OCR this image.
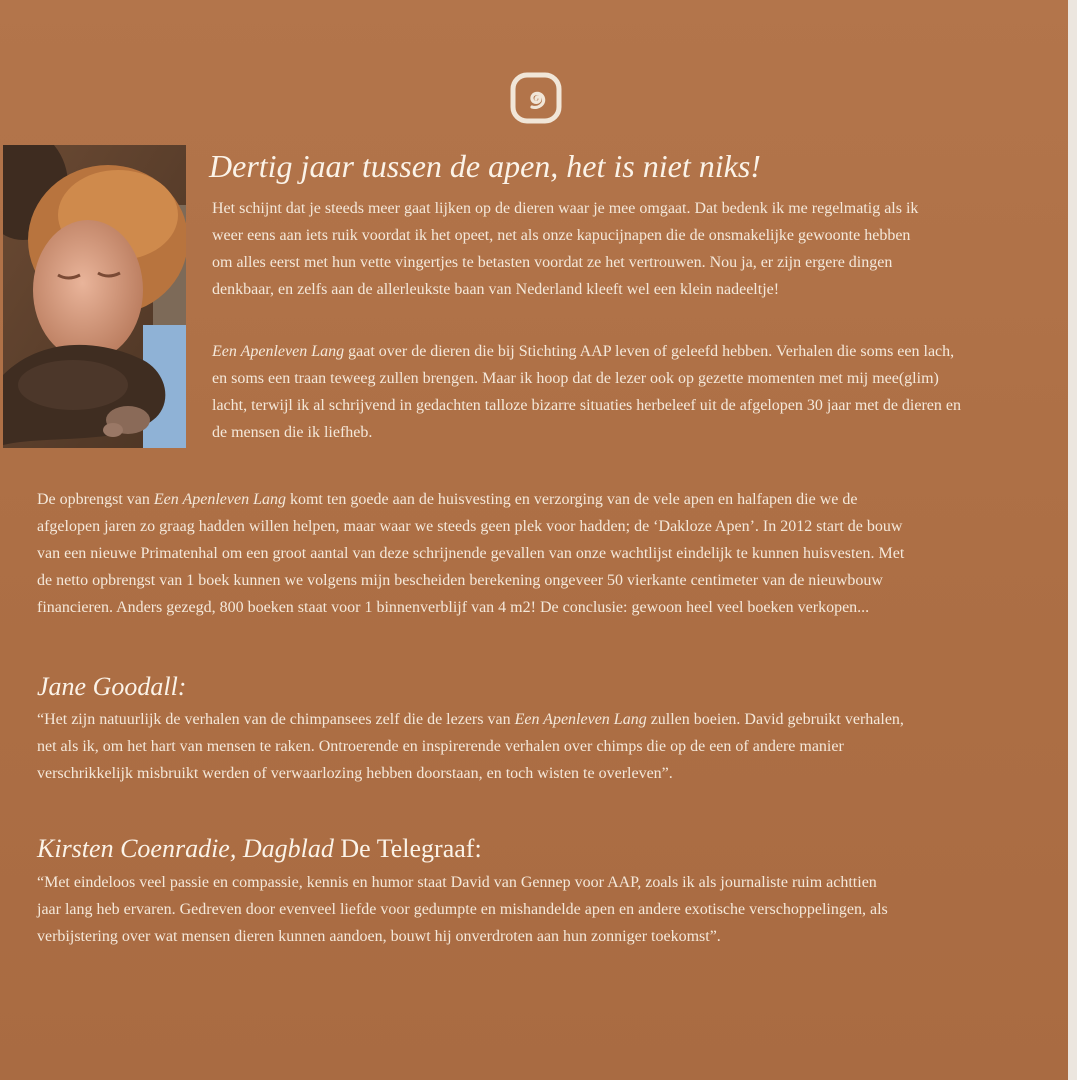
Dertig jaar tussen de apen, het is niet niks!

Het schijnt dat je steeds meer gaat lijken op de dieren waar je mee omgaat. Dat bedenk ik me regelmatig als ik
weer eens aan iets ruik voordat ik het opeet, net als onze kapucijnapen die de onsmakelijke gewoonte hebben
om alles eerst met hun vette vingertjes te betasten voordat ze het vertrouwen. Nou ja, er zijn ergere dingen
denkbaar, en zelfs aan de allerleukste baan van Nederland kleeft wel een klein nadeeltje!

Een Apenleven Lang gaat over de dieren die bij Stichting AAP leven of geleefd hebben. Verhalen die soms een lach,
en soms een traan teweeg zullen brengen. Maar ik hoop dat de lezer ook op gezette momenten met mij mee(glim)
lacht, terwijl ik al schrijvend in gedachten talloze bizarre situaties herbeleef uit de afgelopen 30 jaar met de dieren en
de mensen die ik liefheb.

De opbrengst van Een Apenleven Lang komt ten goede aan de huisvesting en verzorging van de vele apen en halfapen die we de
afgelopen jaren zo graag hadden willen helpen, maar waar we steeds geen plek voor hadden; de ‘Dakloze Apen’. In 2012 start de bouw
van een nieuwe Primatenhal om een groot aantal van deze schrijnende gevallen van onze wachtlijst eindelijk te kunnen huisvesten. Met
de netto opbrengst van 1 boek kunnen we volgens mijn bescheiden berekening ongeveer 50 vierkante centimeter van de nieuwbouw
financieren. Anders gezegd, 800 boeken staat voor 1 binnenverblijf van 4 m2! De conclusie: gewoon heel veel boeken verkopen...

Jane Goodall:

“Het zijn natuurlijk de verhalen van de chimpansees zelf die de lezers van Een Apenleven Lang zullen boeien. David gebruikt verhalen,
net als ik, om het hart van mensen te raken. Ontroerende en inspirerende verhalen over chimps die op de een of andere manier
verschrikkelijk misbruikt werden of verwaarlozing hebben doorstaan, en toch wisten te overleven”.

Kirsten Coenradie, Dagblad De Telegraaf:

“Met eindeloos veel passie en compassie, kennis en humor staat David van Gennep voor AAP, zoals ik als journaliste ruim achttien
jaar lang heb ervaren. Gedreven door evenveel liefde voor gedumpte en mishandelde apen en andere exotische verschoppelingen, als
verbijstering over wat mensen dieren kunnen aandoen, bouwt hij onverdroten aan hun zonniger toekomst”.
